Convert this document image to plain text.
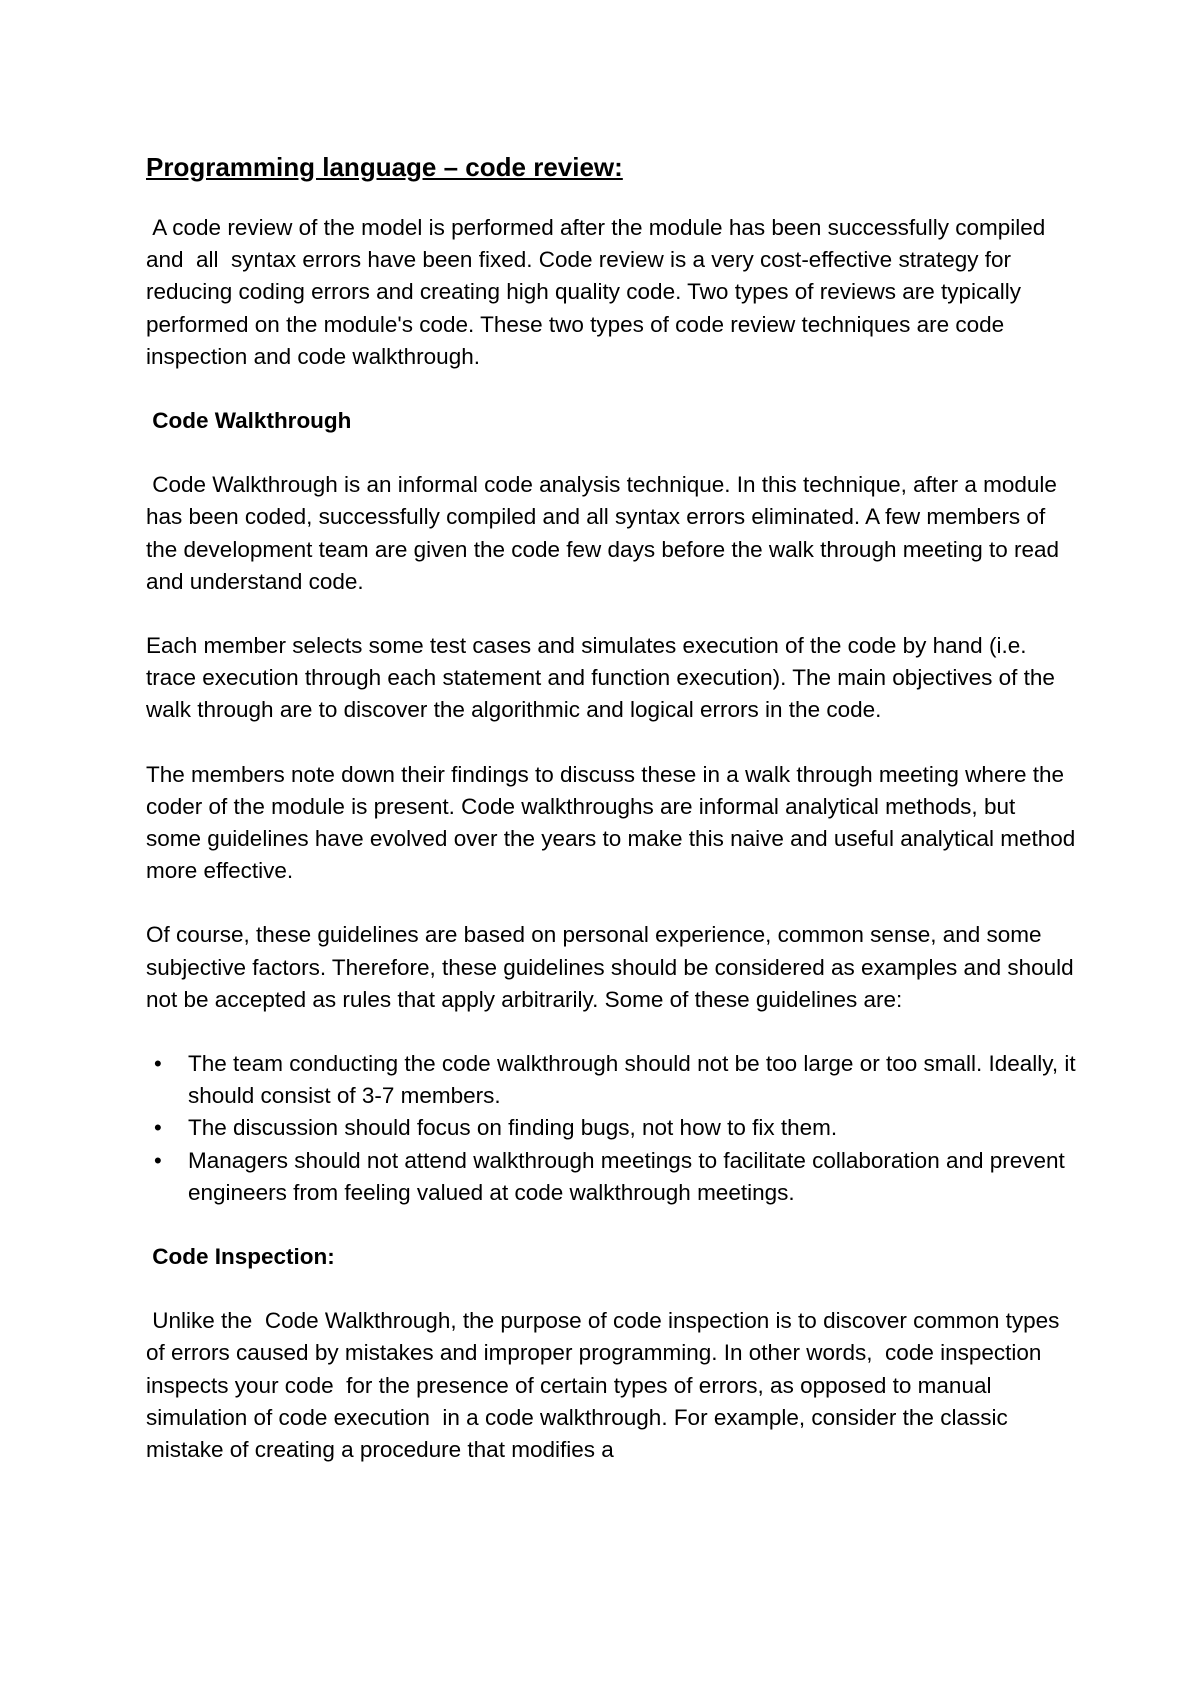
Programming language – code review:
A code review of the model is performed after the module has been successfully compiled and  all  syntax errors have been fixed. Code review is a very cost-effective strategy for reducing coding errors and creating high quality code. Two types of reviews are typically performed on the module's code. These two types of code review techniques are code inspection and code walkthrough.
Code Walkthrough
Code Walkthrough is an informal code analysis technique. In this technique, after a module has been coded, successfully compiled and all syntax errors eliminated. A few members of the development team are given the code few days before the walk through meeting to read and understand code.
Each member selects some test cases and simulates execution of the code by hand (i.e. trace execution through each statement and function execution). The main objectives of the walk through are to discover the algorithmic and logical errors in the code.
The members note down their findings to discuss these in a walk through meeting where the coder of the module is present. Code walkthroughs are informal analytical methods, but some guidelines have evolved over the years to make this naive and useful analytical method more effective.
Of course, these guidelines are based on personal experience, common sense, and some subjective factors. Therefore, these guidelines should be considered as examples and should not be accepted as rules that apply arbitrarily. Some of these guidelines are:
• The team conducting the code walkthrough should not be too large or too small. Ideally, it should consist of 3-7 members.
• The discussion should focus on finding bugs, not how to fix them.
• Managers should not attend walkthrough meetings to facilitate collaboration and prevent engineers from feeling valued at code walkthrough meetings.
Code Inspection:
Unlike the  Code Walkthrough, the purpose of code inspection is to discover common types of errors caused by mistakes and improper programming. In other words,  code inspection inspects your code  for the presence of certain types of errors, as opposed to manual simulation of code execution  in a code walkthrough. For example, consider the classic mistake of creating a procedure that modifies a
